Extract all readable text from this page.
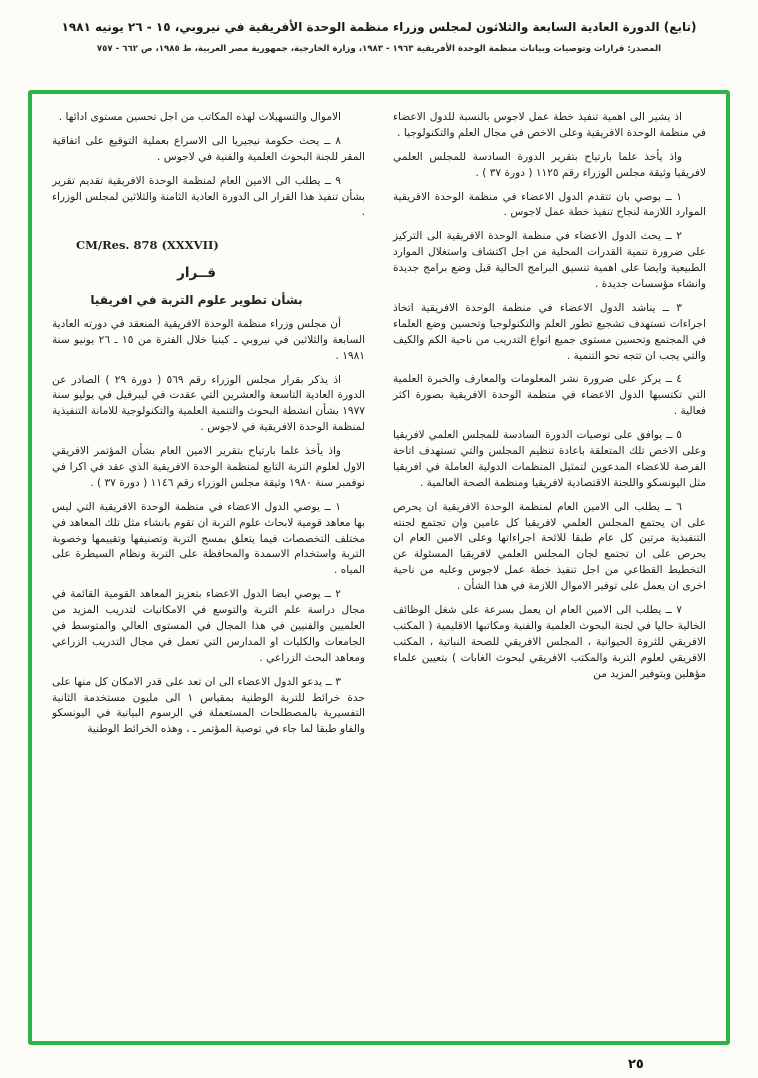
(تابع) الدورة العادية السابعة والثلاثون لمجلس وزراء منظمة الوحدة الأفريقية في نيروبي، ١٥ - ٢٦ يونيه ١٩٨١
المصدر: قرارات وتوصيات وبيانات منظمة الوحدة الأفريقية ١٩٦٣ - ١٩٨٣، وزارة الخارجية، جمهورية مصر العربية، ط ١٩٨٥، ص ٦٦٢ - ٧٥٧

اذ يشير الى اهمية تنفيذ خطة عمل لاجوس بالنسبة للدول الاعضاء في منظمة الوحدة الافريقية وعلى الاخص في مجال العلم والتكنولوجيا .

واذ يأخذ علما بارتياح بتقرير الدورة السادسة للمجلس العلمي لافريقيا وثيقة مجلس الوزراء رقم ١١٢٥ ( دورة ٣٧ ) .

١ ــ يوصي بان تتقدم الدول الاعضاء في منظمة الوحدة الافريقية الموارد اللازمة لنجاح تنفيذ خطة عمل لاجوس .

٢ ــ يحث الدول الاعضاء في منظمة الوحدة الافريقية الى التركيز على ضرورة تنمية القدرات المحلية من اجل اكتشاف واستغلال الموارد الطبيعية وايضا على اهمية تنسيق البرامج الحالية قبل وضع برامج جديدة وانشاء مؤسسات جديدة .

٣ ــ يناشد الدول الاعضاء في منظمة الوحدة الافريقية اتخاذ اجراءات تستهدف تشجيع تطور العلم والتكنولوجيا وتحسين وضع العلماء في المجتمع وتحسين مستوى جميع انواع التدريب من ناحية الكم والكيف والتي يجب ان تتجه نحو التنمية .

٤ ــ يركز على ضرورة نشر المعلومات والمعارف والخبرة العلمية التي تكتسبها الدول الاعضاء في منظمة الوحدة الافريقية بصورة اكثر فعالية .

٥ ــ يوافق على توصيات الدورة السادسة للمجلس العلمي لافريقيا وعلى الاخص تلك المتعلقة باعادة تنظيم المجلس والتي تستهدف اتاحة الفرصة للاعضاء المدعوين لتمثيل المنظمات الدولية العاملة في افريقيا مثل اليونسكو واللجنة الاقتصادية لافريقيا ومنظمة الصحة العالمية .

٦ ــ يطلب الى الامين العام لمنظمة الوحدة الافريقية ان يحرص على ان يجتمع المجلس العلمي لافريقيا كل عامين وان تجتمع لجنته التنفيذية مرتين كل عام طبقا للائحة اجراءاتها وعلى الامين العام ان يحرص على ان تجتمع لجان المجلس العلمي لافريقيا المسئولة عن التخطيط القطاعي من اجل تنفيذ خطة عمل لاجوس وعليه من ناحية اخرى ان يعمل على توفير الاموال اللازمة في هذا الشأن .

٧ ــ يطلب الى الامين العام ان يعمل بسرعة على شغل الوظائف الخالية حاليا في لجنة البحوث العلمية والفنية ومكاتبها الاقليمية ( المكتب الافريقي للثروة الحيوانية ، المجلس الافريقي للصحة النباتية ، المكتب الافريقي لعلوم التربة والمكتب الافريقي لبحوث الغابات ) بتعيين علماء مؤهلين وبتوفير المزيد من

الاموال والتسهيلات لهذه المكاتب من اجل تحسين مستوى ادائها .

٨ ــ يحث حكومة نيجيريا الى الاسراع بعملية التوقيع على اتفاقية المقر للجنة البحوث العلمية والفنية في لاجوس .

٩ ــ يطلب الى الامين العام لمنظمة الوحدة الافريقية تقديم تقرير بشأن تنفيذ هذا القرار الى الدورة العادية الثامنة والثلاثين لمجلس الوزراء .

CM/Res. 878 (XXXVII)

قــرار

بشأن تطوير علوم التربة في افريقيا

أن مجلس وزراء منظمة الوحدة الافريقية المنعقد في دورته العادية السابعة والثلاثين في نيروبي ـ كينيا خلال الفترة من ١٥ ـ ٢٦ يونيو سنة ١٩٨١ .

اذ يذكر بقرار مجلس الوزراء رقم ٥٦٩ ( دورة ٢٩ ) الصادر عن الدورة العادية التاسعة والعشرين التي عقدت في ليبرفيل في يوليو سنة ١٩٧٧ بشأن انشطة البحوث والتنمية العلمية والتكنولوجية للامانة التنفيذية لمنظمة الوحدة الافريقية في لاجوس .

واذ يأخذ علما بارتياح بتقرير الامين العام بشأن المؤتمر الافريقي الاول لعلوم التربة التابع لمنظمة الوحدة الافريقية الذي عقد في اكرا في نوفمبر سنة ١٩٨٠ وثيقة مجلس الوزراء رقم ١١٤٦ ( دورة ٣٧ ) .

١ ــ يوصي الدول الاعضاء في منظمة الوحدة الافريقية التي ليس بها معاهد قومية لابحاث علوم التربة ان تقوم بانشاء مثل تلك المعاهد في مختلف التخصصات فيما يتعلق بمسح التربة وتصنيفها وتقييمها وخصوبة التربة واستخدام الاسمدة والمحافظة على التربة ونظام السيطرة على المياه .

٢ ــ يوصي ايضا الدول الاعضاء بتعزيز المعاهد القومية القائمة في مجال دراسة علم التربة والتوسع في الامكانيات لتدريب المزيد من العلميين والفنيين في هذا المجال في المستوى العالي والمتوسط في الجامعات والكليات او المدارس التي تعمل في مجال التدريب الزراعي ومعاهد البحث الزراعي .

٣ ــ يدعو الدول الاعضاء الى ان تعد على قدر الامكان كل منها على حدة خرائط للتربة الوطنية بمقياس ١ الى مليون مستخدمة الثانية التفسيرية بالمصطلحات المستعملة في الرسوم البيانية في اليونسكو والفاو طبقا لما جاء في توصية المؤتمر ـ ، وهذه الخرائط الوطنية

٢٥
